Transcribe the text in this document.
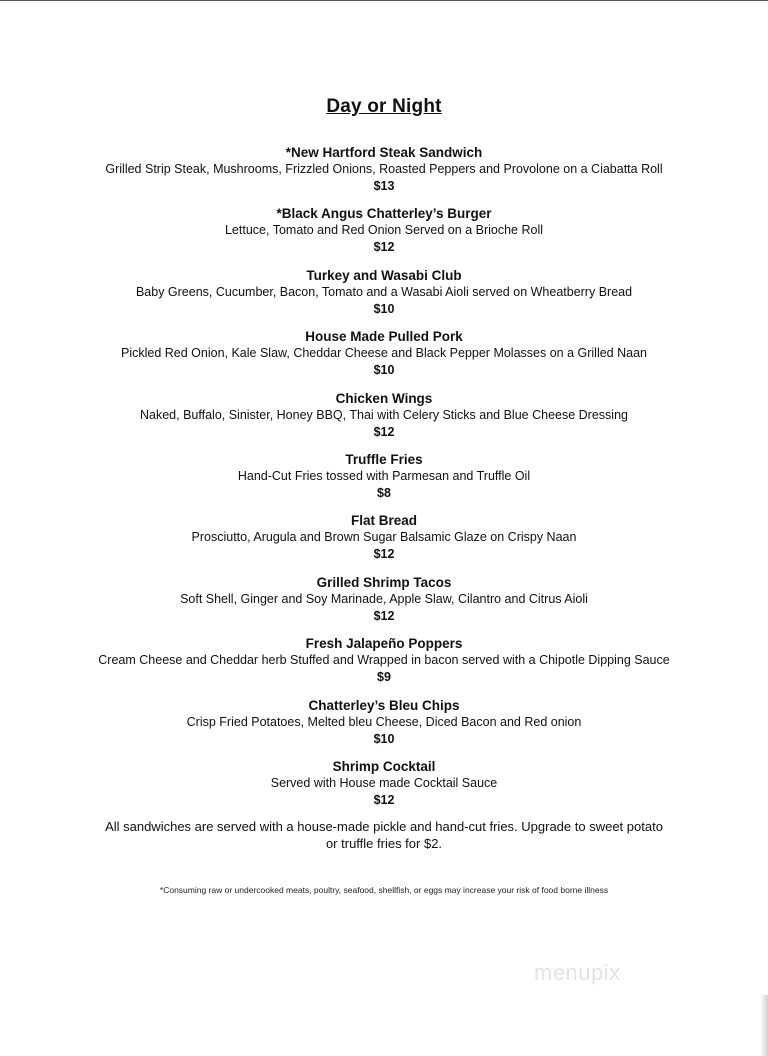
Day or Night
*New Hartford Steak Sandwich
Grilled Strip Steak, Mushrooms, Frizzled Onions, Roasted Peppers and Provolone on a Ciabatta Roll
$13
*Black Angus Chatterley’s Burger
Lettuce, Tomato and Red Onion Served on a Brioche Roll
$12
Turkey and Wasabi Club
Baby Greens, Cucumber, Bacon, Tomato and a Wasabi Aioli served on Wheatberry Bread
$10
House Made Pulled Pork
Pickled Red Onion, Kale Slaw, Cheddar Cheese and Black Pepper Molasses on a Grilled Naan
$10
Chicken Wings
Naked, Buffalo, Sinister, Honey BBQ, Thai with Celery Sticks and Blue Cheese Dressing
$12
Truffle Fries
Hand-Cut Fries tossed with Parmesan and Truffle Oil
$8
Flat Bread
Prosciutto, Arugula and Brown Sugar Balsamic Glaze on Crispy Naan
$12
Grilled Shrimp Tacos
Soft Shell, Ginger and Soy Marinade, Apple Slaw, Cilantro and Citrus Aioli
$12
Fresh Jalapeño Poppers
Cream Cheese and Cheddar herb Stuffed and Wrapped in bacon served with a Chipotle Dipping Sauce
$9
Chatterley’s Bleu Chips
Crisp Fried Potatoes, Melted bleu Cheese, Diced Bacon and Red onion
$10
Shrimp Cocktail
Served with House made Cocktail Sauce
$12
All sandwiches are served with a house-made pickle and hand-cut fries. Upgrade to sweet potato or truffle fries for $2.
*Consuming raw or undercooked meats, poultry, seafood, shellfish, or eggs may increase your risk of food borne illness
menupix
